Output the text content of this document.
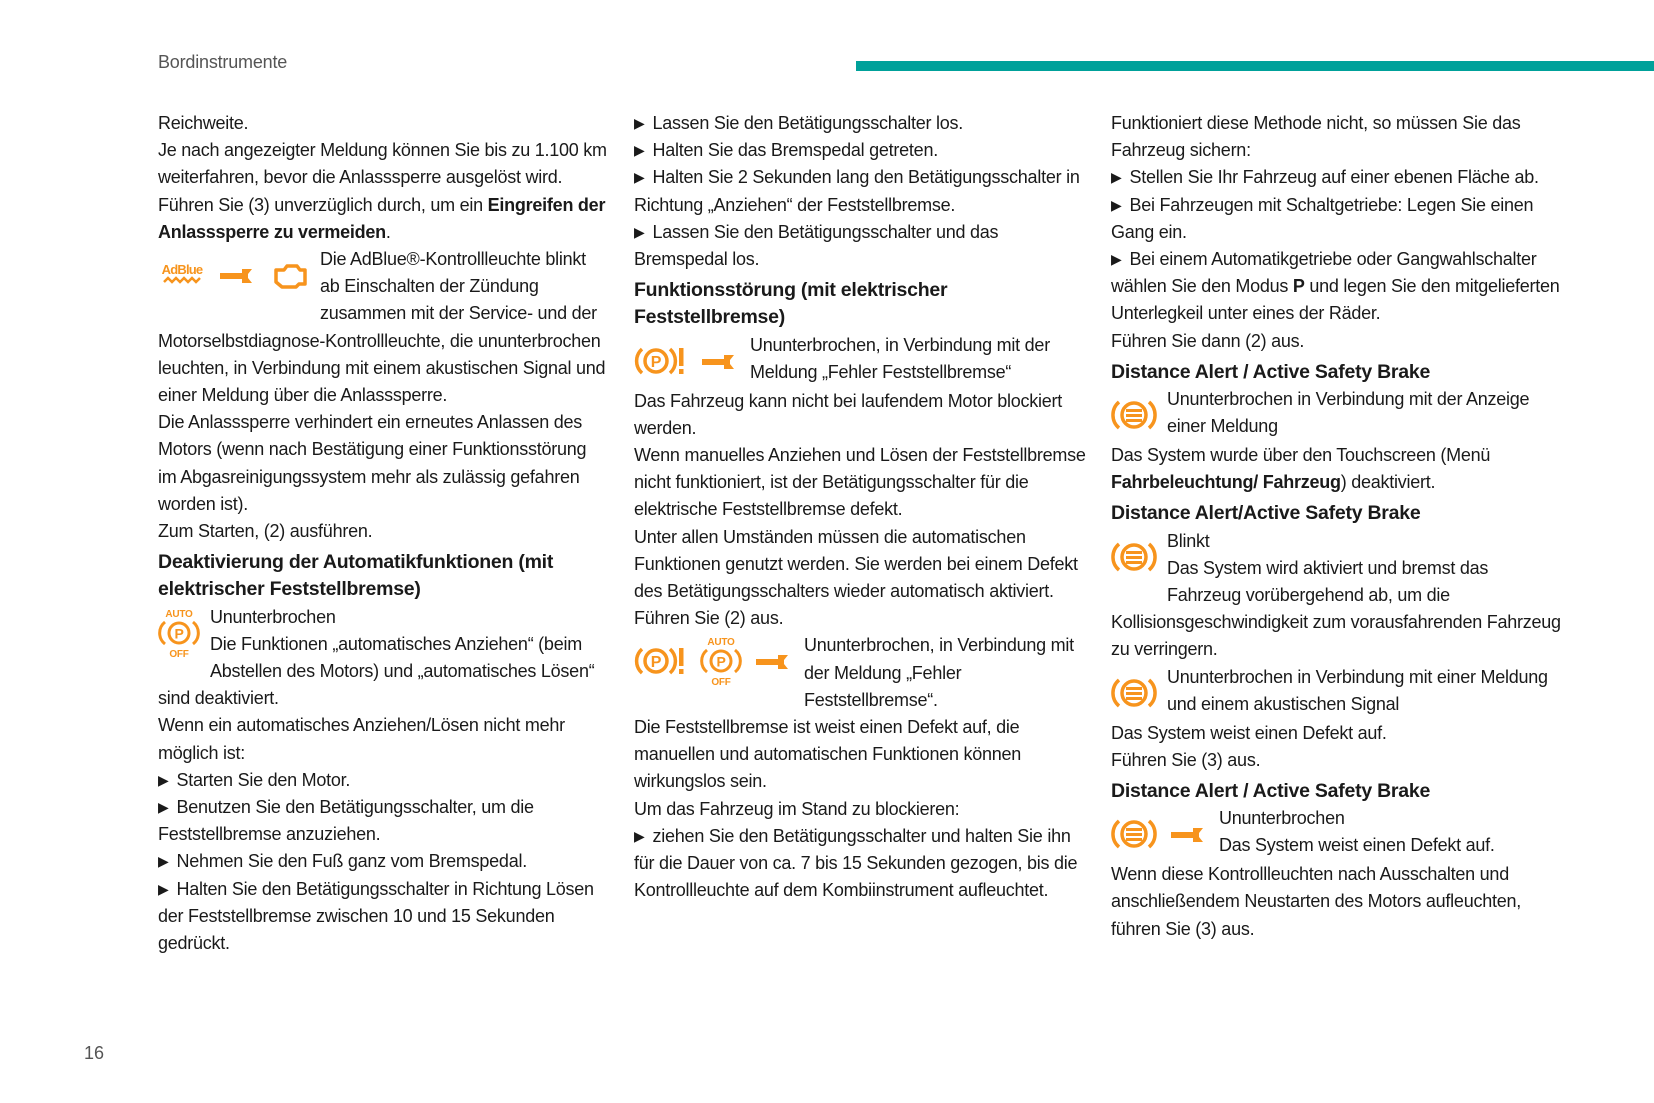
Bordinstrumente
Reichweite.
Je nach angezeigter Meldung können Sie bis zu 1.100 km weiterfahren, bevor die Anlasssperre ausgelöst wird.
Führen Sie (3) unverzüglich durch, um ein Eingreifen der Anlasssperre zu vermeiden.
AdBlue
Die AdBlue®-Kontrollleuchte blinkt ab Einschalten der Zündung zusammen mit der Service- und der Motorselbstdiagnose-Kontrollleuchte, die ununterbrochen leuchten, in Verbindung mit einem akustischen Signal und einer Meldung über die Anlasssperre.
Die Anlasssperre verhindert ein erneutes Anlassen des Motors (wenn nach Bestätigung einer Funktionsstörung im Abgasreinigungssystem mehr als zulässig gefahren worden ist).
Zum Starten, (2) ausführen.
Deaktivierung der Automatikfunktionen (mit elektrischer Feststellbremse)
AUTO
P
OFF
Ununterbrochen
Die Funktionen „automatisches Anziehen“ (beim Abstellen des Motors) und „automatisches Lösen“ sind deaktiviert.
Wenn ein automatisches Anziehen/Lösen nicht mehr möglich ist:
▶ Starten Sie den Motor.
▶ Benutzen Sie den Betätigungsschalter, um die Feststellbremse anzuziehen.
▶ Nehmen Sie den Fuß ganz vom Bremspedal.
▶ Halten Sie den Betätigungsschalter in Richtung Lösen der Feststellbremse zwischen 10 und 15 Sekunden gedrückt.
▶ Lassen Sie den Betätigungsschalter los.
▶ Halten Sie das Bremspedal getreten.
▶ Halten Sie 2 Sekunden lang den Betätigungsschalter in Richtung „Anziehen“ der Feststellbremse.
▶ Lassen Sie den Betätigungsschalter und das Bremspedal los.
Funktionsstörung (mit elektrischer Feststellbremse)
P
Ununterbrochen, in Verbindung mit der Meldung „Fehler Feststellbremse“
Das Fahrzeug kann nicht bei laufendem Motor blockiert werden.
Wenn manuelles Anziehen und Lösen der Feststellbremse nicht funktioniert, ist der Betätigungsschalter für die elektrische Feststellbremse defekt.
Unter allen Umständen müssen die automatischen Funktionen genutzt werden. Sie werden bei einem Defekt des Betätigungsschalters wieder automatisch aktiviert.
Führen Sie (2) aus.
P
AUTO
P
OFF
Ununterbrochen, in Verbindung mit der Meldung „Fehler Feststellbremse“.
Die Feststellbremse ist weist einen Defekt auf, die manuellen und automatischen Funktionen können wirkungslos sein.
Um das Fahrzeug im Stand zu blockieren:
▶ ziehen Sie den Betätigungsschalter und halten Sie ihn für die Dauer von ca. 7 bis 15 Sekunden gezogen, bis die Kontrollleuchte auf dem Kombiinstrument aufleuchtet.
Funktioniert diese Methode nicht, so müssen Sie das Fahrzeug sichern:
▶ Stellen Sie Ihr Fahrzeug auf einer ebenen Fläche ab.
▶ Bei Fahrzeugen mit Schaltgetriebe: Legen Sie einen Gang ein.
▶ Bei einem Automatikgetriebe oder Gangwahlschalter wählen Sie den Modus P und legen Sie den mitgelieferten Unterlegkeil unter eines der Räder.
Führen Sie dann (2) aus.
Distance Alert / Active Safety Brake
Ununterbrochen in Verbindung mit der Anzeige einer Meldung
Das System wurde über den Touchscreen (Menü Fahrbeleuchtung/ Fahrzeug) deaktiviert.
Distance Alert/Active Safety Brake
Blinkt
Das System wird aktiviert und bremst das Fahrzeug vorübergehend ab, um die Kollisionsgeschwindigkeit zum vorausfahrenden Fahrzeug zu verringern.
Ununterbrochen in Verbindung mit einer Meldung und einem akustischen Signal
Das System weist einen Defekt auf.
Führen Sie (3) aus.
Distance Alert / Active Safety Brake
Ununterbrochen
Das System weist einen Defekt auf.
Wenn diese Kontrollleuchten nach Ausschalten und anschließendem Neustarten des Motors aufleuchten, führen Sie (3) aus.
16
